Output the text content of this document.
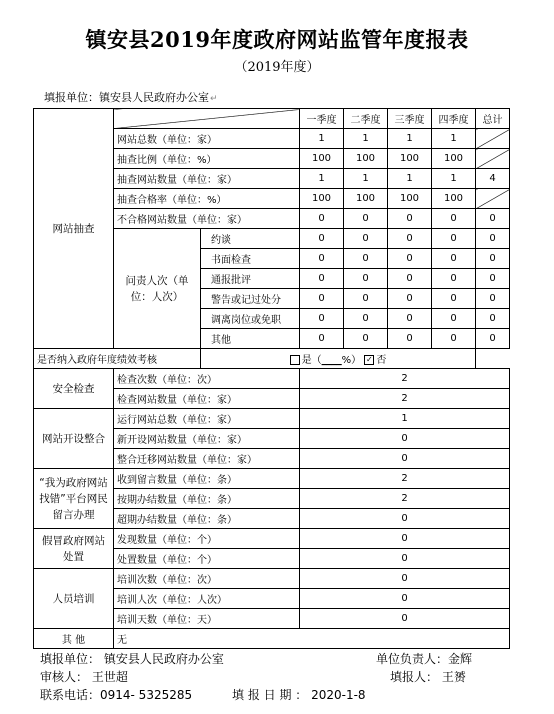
镇安县2019年度政府网站监管年度报表
（2019年度）
填报单位：镇安县人民政府办公室↵
网站抽查			一季度	二季度	三季度	四季度	总计
	网站总数（单位：家）		1	1	1	1	
	抽查比例（单位：%）		100	100	100	100	
	抽查网站数量（单位：家）		1	1	1	1	4
	抽查合格率（单位：%）		100	100	100	100	
	不合格网站数量（单位：家）		0	0	0	0	0
	问责人次（单位：人次）	约谈	0	0	0	0	0
		书面检查	0	0	0	0	0
		通报批评	0	0	0	0	0
		警告或记过处分	0	0	0	0	0
		调离岗位或免职	0	0	0	0	0
		其他	0	0	0	0	0
是否纳入政府年度绩效考核		是（____%） ✓ 否					
安全检查	检查次数（单位：次）		2				
	检查网站数量（单位：家）		2				
网站开设整合	运行网站总数（单位：家）		1				
	新开设网站数量（单位：家）		0				
	整合迁移网站数量（单位：家）		0				
“我为政府网站找错”平台网民留言办理	收到留言数量（单位：条）		2				
	按期办结数量（单位：条）		2				
	超期办结数量（单位：条）		0				
假冒政府网站处置	发现数量（单位：个）		0				
	处置数量（单位：个）		0				
人员培训	培训次数（单位：次）		0				
	培训人次（单位：人次）		0				
	培训天数（单位：天）		0				
其 他	无						
填报单位： 镇安县人民政府办公室	单位负责人：金辉
审核人： 王世超	填报人： 王赟
联系电话：0914- 5325285	填 报 日 期 ： 2020-1-8
